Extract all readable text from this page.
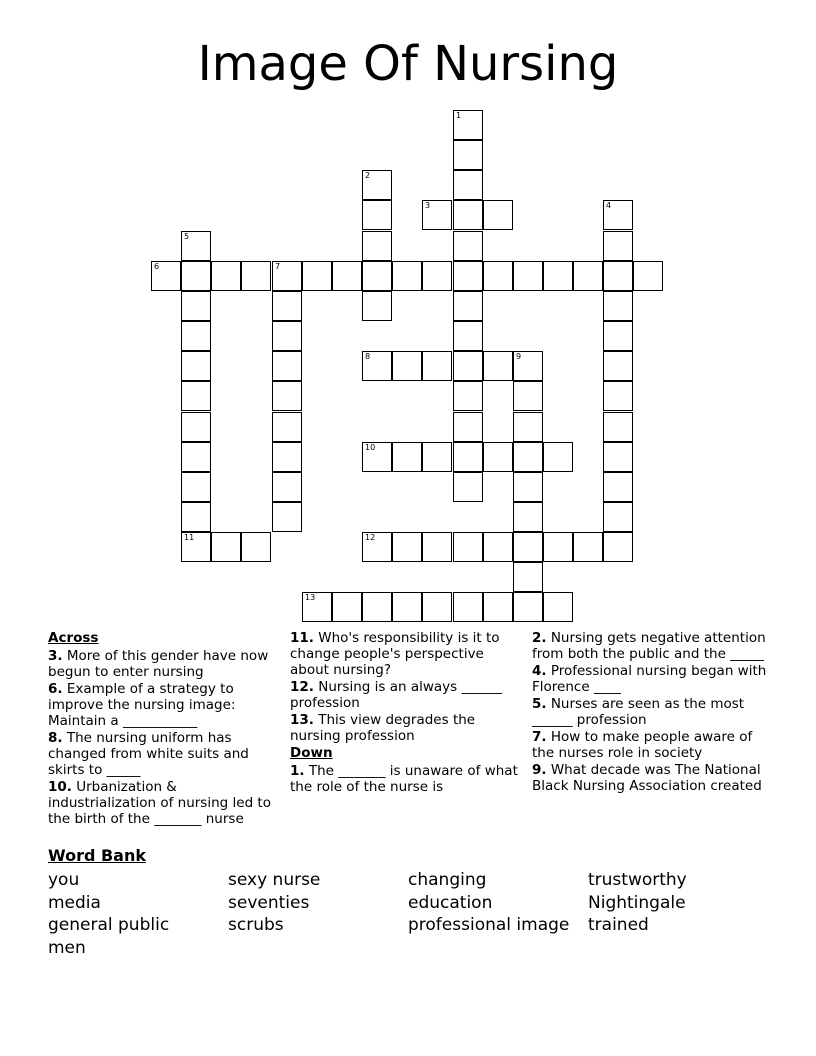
Image Of Nursing
1
2
3	4
5
11
6	7
8	9
10
12
13
Across
3. More of this gender have now begun to enter nursing
6. Example of a strategy to improve the nursing image: Maintain a ___________
8. The nursing uniform has changed from white suits and skirts to _____
10. Urbanization & industrialization of nursing led to the birth of the _______ nurse
11. Who's responsibility is it to change people's perspective about nursing?
12. Nursing is an always ______ profession
13. This view degrades the nursing profession
Down
1. The _______ is unaware of what the role of the nurse is
2. Nursing gets negative attention from both the public and the _____
4. Professional nursing began with Florence ____
5. Nurses are seen as the most ______ profession
7. How to make people aware of the nurses role in society
9. What decade was The National Black Nursing Association created

Word Bank

you
media
general public
men
sexy nurse
seventies
scrubs
changing
education
professional image
trustworthy
Nightingale
trained
